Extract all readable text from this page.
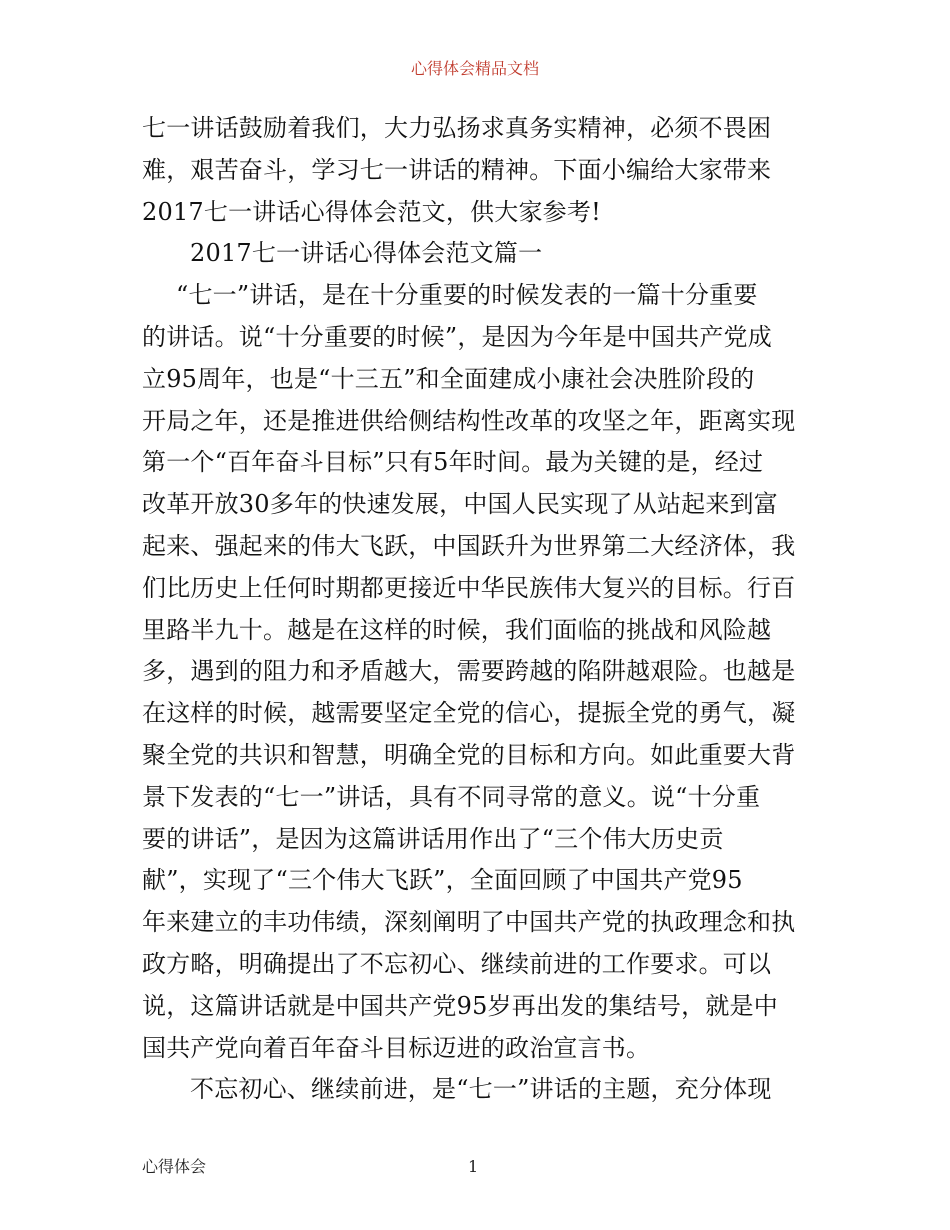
心得体会精品文档

七一讲话鼓励着我们，大力弘扬求真务实精神，必须不畏困
难，艰苦奋斗，学习七一讲话的精神。下面小编给大家带来
2017七一讲话心得体会范文，供大家参考!

2017七一讲话心得体会范文篇一

“七一”讲话，是在十分重要的时候发表的一篇十分重要
的讲话。说“十分重要的时候”，是因为今年是中国共产党成
立95周年，也是“十三五”和全面建成小康社会决胜阶段的
开局之年，还是推进供给侧结构性改革的攻坚之年，距离实现
第一个“百年奋斗目标”只有5年时间。最为关键的是，经过
改革开放30多年的快速发展，中国人民实现了从站起来到富
起来、强起来的伟大飞跃，中国跃升为世界第二大经济体，我
们比历史上任何时期都更接近中华民族伟大复兴的目标。行百
里路半九十。越是在这样的时候，我们面临的挑战和风险越
多，遇到的阻力和矛盾越大，需要跨越的陷阱越艰险。也越是
在这样的时候，越需要坚定全党的信心，提振全党的勇气，凝
聚全党的共识和智慧，明确全党的目标和方向。如此重要大背
景下发表的“七一”讲话，具有不同寻常的意义。说“十分重
要的讲话”，是因为这篇讲话用作出了“三个伟大历史贡
献”，实现了“三个伟大飞跃”，全面回顾了中国共产党95
年来建立的丰功伟绩，深刻阐明了中国共产党的执政理念和执
政方略，明确提出了不忘初心、继续前进的工作要求。可以
说，这篇讲话就是中国共产党95岁再出发的集结号，就是中
国共产党向着百年奋斗目标迈进的政治宣言书。

不忘初心、继续前进，是“七一”讲话的主题，充分体现

心得体会	1
